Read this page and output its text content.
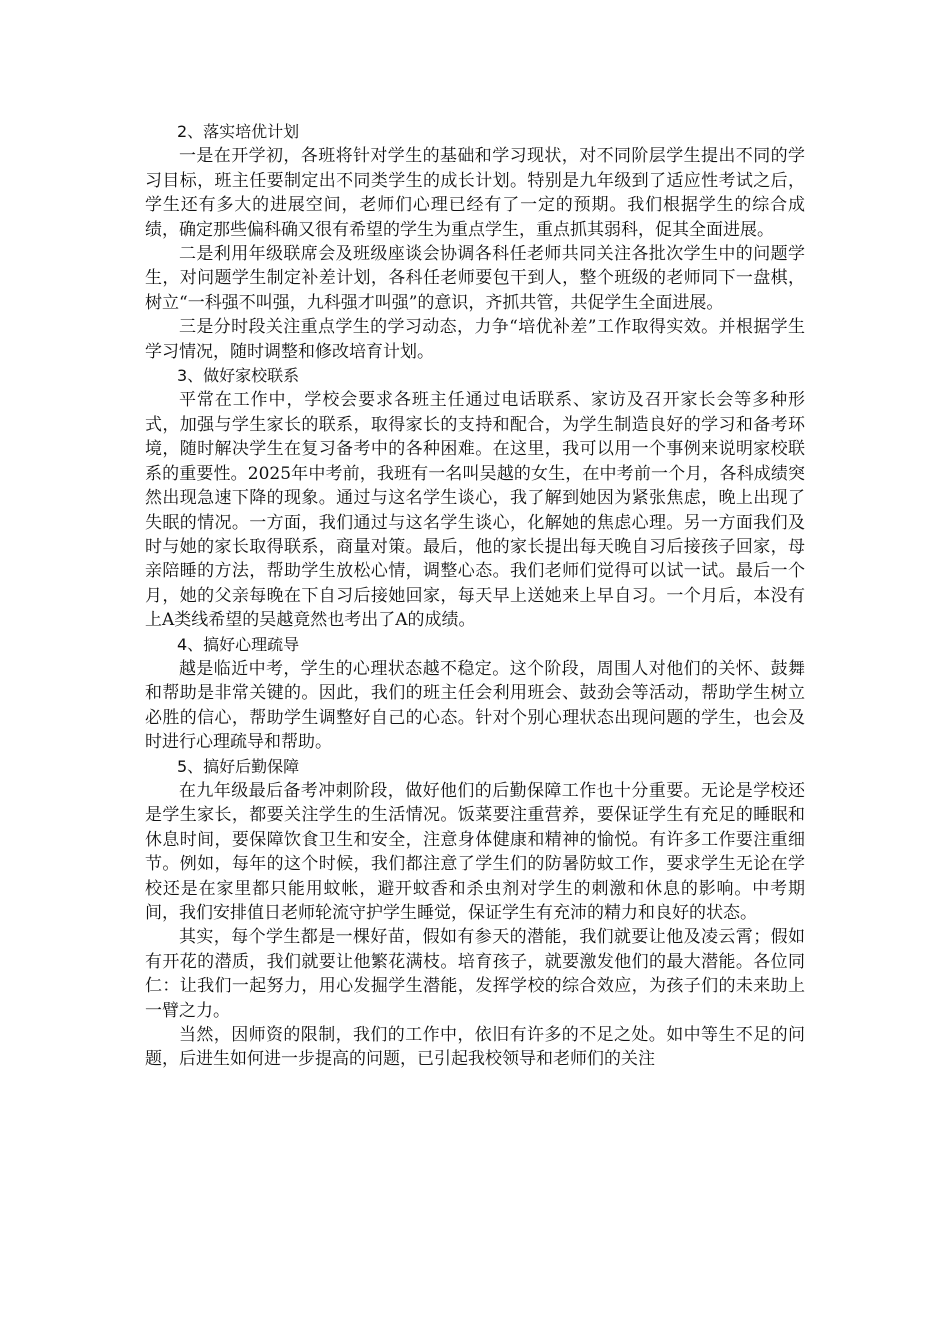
2、落实培优计划

一是在开学初，各班将针对学生的基础和学习现状，对不同阶层学生提出不同的学习目标，班主任要制定出不同类学生的成长计划。特别是九年级到了适应性考试之后，学生还有多大的进展空间，老师们心理已经有了一定的预期。我们根据学生的综合成绩，确定那些偏科确又很有希望的学生为重点学生，重点抓其弱科，促其全面进展。

二是利用年级联席会及班级座谈会协调各科任老师共同关注各批次学生中的问题学生，对问题学生制定补差计划，各科任老师要包干到人，整个班级的老师同下一盘棋，树立“一科强不叫强，九科强才叫强”的意识，齐抓共管，共促学生全面进展。

三是分时段关注重点学生的学习动态，力争“培优补差”工作取得实效。并根据学生学习情况，随时调整和修改培育计划。

3、做好家校联系

平常在工作中，学校会要求各班主任通过电话联系、家访及召开家长会等多种形式，加强与学生家长的联系，取得家长的支持和配合，为学生制造良好的学习和备考环境，随时解决学生在复习备考中的各种困难。在这里，我可以用一个事例来说明家校联系的重要性。2025年中考前，我班有一名叫吴越的女生，在中考前一个月，各科成绩突然出现急速下降的现象。通过与这名学生谈心，我了解到她因为紧张焦虑，晚上出现了失眠的情况。一方面，我们通过与这名学生谈心，化解她的焦虑心理。另一方面我们及时与她的家长取得联系，商量对策。最后，他的家长提出每天晚自习后接孩子回家，母亲陪睡的方法，帮助学生放松心情，调整心态。我们老师们觉得可以试一试。最后一个月，她的父亲每晚在下自习后接她回家，每天早上送她来上早自习。一个月后，本没有上A类线希望的吴越竟然也考出了A的成绩。

4、搞好心理疏导

越是临近中考，学生的心理状态越不稳定。这个阶段，周围人对他们的关怀、鼓舞和帮助是非常关键的。因此，我们的班主任会利用班会、鼓劲会等活动，帮助学生树立必胜的信心，帮助学生调整好自己的心态。针对个别心理状态出现问题的学生，也会及时进行心理疏导和帮助。

5、搞好后勤保障

在九年级最后备考冲刺阶段，做好他们的后勤保障工作也十分重要。无论是学校还是学生家长，都要关注学生的生活情况。饭菜要注重营养，要保证学生有充足的睡眠和休息时间，要保障饮食卫生和安全，注意身体健康和精神的愉悦。有许多工作要注重细节。例如，每年的这个时候，我们都注意了学生们的防暑防蚊工作，要求学生无论在学校还是在家里都只能用蚊帐，避开蚊香和杀虫剂对学生的刺激和休息的影响。中考期间，我们安排值日老师轮流守护学生睡觉，保证学生有充沛的精力和良好的状态。

其实，每个学生都是一棵好苗，假如有参天的潜能，我们就要让他及凌云霄；假如有开花的潜质，我们就要让他繁花满枝。培育孩子，就要激发他们的最大潜能。各位同仁：让我们一起努力，用心发掘学生潜能，发挥学校的综合效应，为孩子们的未来助上一臂之力。

当然，因师资的限制，我们的工作中，依旧有许多的不足之处。如中等生不足的问题，后进生如何进一步提高的问题，已引起我校领导和老师们的关注
